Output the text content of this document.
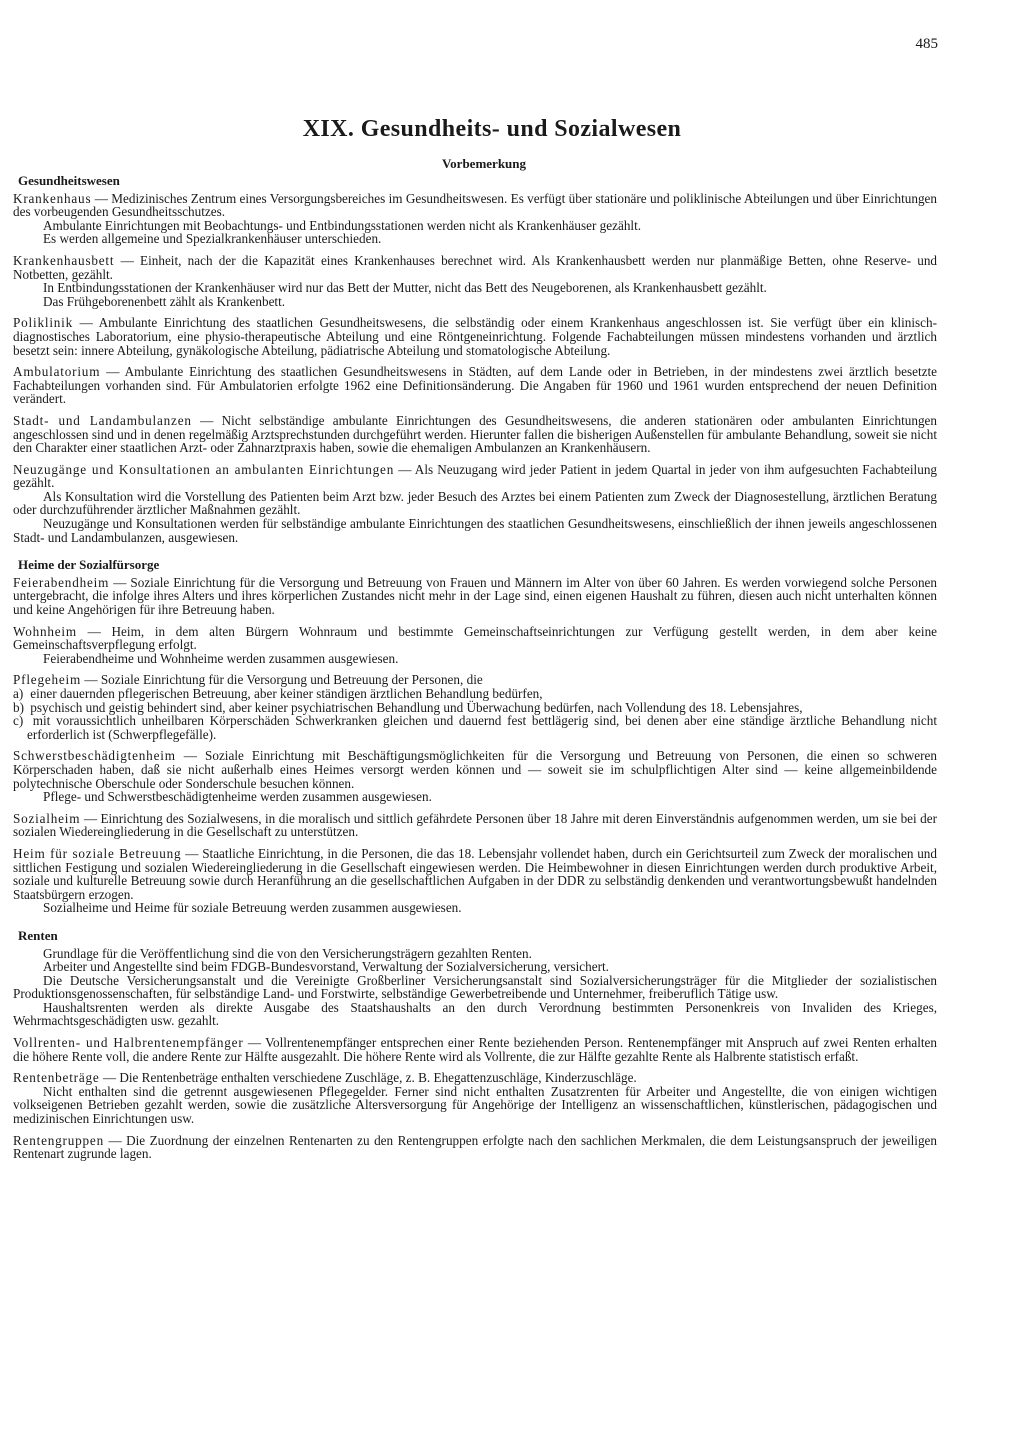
485
XIX. Gesundheits- und Sozialwesen
Vorbemerkung
Gesundheitswesen

Krankenhaus — Medizinisches Zentrum eines Versorgungsbereiches im Gesundheitswesen. Es verfügt über stationäre und poliklinische Abteilungen und über Einrichtungen des vorbeugenden Gesundheitsschutzes.

Ambulante Einrichtungen mit Beobachtungs- und Entbindungsstationen werden nicht als Krankenhäuser gezählt.

Es werden allgemeine und Spezialkrankenhäuser unterschieden.

Krankenhausbett — Einheit, nach der die Kapazität eines Krankenhauses berechnet wird. Als Krankenhausbett werden nur planmäßige Betten, ohne Reserve- und Notbetten, gezählt.

In Entbindungsstationen der Krankenhäuser wird nur das Bett der Mutter, nicht das Bett des Neugeborenen, als Krankenhausbett gezählt.

Das Frühgeborenenbett zählt als Krankenbett.

Poliklinik — Ambulante Einrichtung des staatlichen Gesundheitswesens, die selbständig oder einem Krankenhaus angeschlossen ist. Sie verfügt über ein klinisch-diagnostisches Laboratorium, eine physio-therapeutische Abteilung und eine Röntgeneinrichtung. Folgende Fachabteilungen müssen mindestens vorhanden und ärztlich besetzt sein: innere Abteilung, gynäkologische Abteilung, pädiatrische Abteilung und stomatologische Abteilung.

Ambulatorium — Ambulante Einrichtung des staatlichen Gesundheitswesens in Städten, auf dem Lande oder in Betrieben, in der mindestens zwei ärztlich besetzte Fachabteilungen vorhanden sind. Für Ambulatorien erfolgte 1962 eine Definitionsänderung. Die Angaben für 1960 und 1961 wurden entsprechend der neuen Definition verändert.

Stadt- und Landambulanzen — Nicht selbständige ambulante Einrichtungen des Gesundheitswesens, die anderen stationären oder ambulanten Einrichtungen angeschlossen sind und in denen regelmäßig Arztsprechstunden durchgeführt werden. Hierunter fallen die bisherigen Außenstellen für ambulante Behandlung, soweit sie nicht den Charakter einer staatlichen Arzt- oder Zahnarztpraxis haben, sowie die ehemaligen Ambulanzen an Krankenhäusern.

Neuzugänge und Konsultationen an ambulanten Einrichtungen — Als Neuzugang wird jeder Patient in jedem Quartal in jeder von ihm aufgesuchten Fachabteilung gezählt.

Als Konsultation wird die Vorstellung des Patienten beim Arzt bzw. jeder Besuch des Arztes bei einem Patienten zum Zweck der Diagnosestellung, ärztlichen Beratung oder durchzuführender ärztlicher Maßnahmen gezählt.

Neuzugänge und Konsultationen werden für selbständige ambulante Einrichtungen des staatlichen Gesundheitswesens, einschließlich der ihnen jeweils angeschlossenen Stadt- und Landambulanzen, ausgewiesen.

Heime der Sozialfürsorge

Feierabendheim — Soziale Einrichtung für die Versorgung und Betreuung von Frauen und Männern im Alter von über 60 Jahren. Es werden vorwiegend solche Personen untergebracht, die infolge ihres Alters und ihres körperlichen Zustandes nicht mehr in der Lage sind, einen eigenen Haushalt zu führen, diesen auch nicht unterhalten können und keine Angehörigen für ihre Betreuung haben.

Wohnheim — Heim, in dem alten Bürgern Wohnraum und bestimmte Gemeinschaftseinrichtungen zur Verfügung gestellt werden, in dem aber keine Gemeinschaftsverpflegung erfolgt.

Feierabendheime und Wohnheime werden zusammen ausgewiesen.

Pflegeheim — Soziale Einrichtung für die Versorgung und Betreuung der Personen, die

a) einer dauernden pflegerischen Betreuung, aber keiner ständigen ärztlichen Behandlung bedürfen,

b) psychisch und geistig behindert sind, aber keiner psychiatrischen Behandlung und Überwachung bedürfen, nach Vollendung des 18. Lebensjahres,

c) mit voraussichtlich unheilbaren Körperschäden Schwerkranken gleichen und dauernd fest bettlägerig sind, bei denen aber eine ständige ärztliche Behandlung nicht erforderlich ist (Schwerpflegefälle).

Schwerstbeschädigtenheim — Soziale Einrichtung mit Beschäftigungsmöglichkeiten für die Versorgung und Betreuung von Personen, die einen so schweren Körperschaden haben, daß sie nicht außerhalb eines Heimes versorgt werden können und — soweit sie im schulpflichtigen Alter sind — keine allgemeinbildende polytechnische Oberschule oder Sonderschule besuchen können.

Pflege- und Schwerstbeschädigtenheime werden zusammen ausgewiesen.

Sozialheim — Einrichtung des Sozialwesens, in die moralisch und sittlich gefährdete Personen über 18 Jahre mit deren Einverständnis aufgenommen werden, um sie bei der sozialen Wiedereingliederung in die Gesellschaft zu unterstützen.

Heim für soziale Betreuung — Staatliche Einrichtung, in die Personen, die das 18. Lebensjahr vollendet haben, durch ein Gerichtsurteil zum Zweck der moralischen und sittlichen Festigung und sozialen Wiedereingliederung in die Gesellschaft eingewiesen werden. Die Heimbewohner in diesen Einrichtungen werden durch produktive Arbeit, soziale und kulturelle Betreuung sowie durch Heranführung an die gesellschaftlichen Aufgaben in der DDR zu selbständig denkenden und verantwortungsbewußt handelnden Staatsbürgern erzogen.

Sozialheime und Heime für soziale Betreuung werden zusammen ausgewiesen.

Renten

Grundlage für die Veröffentlichung sind die von den Versicherungsträgern gezahlten Renten.

Arbeiter und Angestellte sind beim FDGB-Bundesvorstand, Verwaltung der Sozialversicherung, versichert.

Die Deutsche Versicherungsanstalt und die Vereinigte Großberliner Versicherungsanstalt sind Sozialversicherungsträger für die Mitglieder der sozialistischen Produktionsgenossenschaften, für selbständige Land- und Forstwirte, selbständige Gewerbetreibende und Unternehmer, freiberuflich Tätige usw.

Haushaltsrenten werden als direkte Ausgabe des Staatshaushalts an den durch Verordnung bestimmten Personenkreis von Invaliden des Krieges, Wehrmachtsgeschädigten usw. gezahlt.

Vollrenten- und Halbrentenempfänger — Vollrentenempfänger entsprechen einer Rente beziehenden Person. Rentenempfänger mit Anspruch auf zwei Renten erhalten die höhere Rente voll, die andere Rente zur Hälfte ausgezahlt. Die höhere Rente wird als Vollrente, die zur Hälfte gezahlte Rente als Halbrente statistisch erfaßt.

Rentenbeträge — Die Rentenbeträge enthalten verschiedene Zuschläge, z. B. Ehegattenzuschläge, Kinderzuschläge.

Nicht enthalten sind die getrennt ausgewiesenen Pflegegelder. Ferner sind nicht enthalten Zusatzrenten für Arbeiter und Angestellte, die von einigen wichtigen volkseigenen Betrieben gezahlt werden, sowie die zusätzliche Altersversorgung für Angehörige der Intelligenz an wissenschaftlichen, künstlerischen, pädagogischen und medizinischen Einrichtungen usw.

Rentengruppen — Die Zuordnung der einzelnen Rentenarten zu den Rentengruppen erfolgte nach den sachlichen Merkmalen, die dem Leistungsanspruch der jeweiligen Rentenart zugrunde lagen.
